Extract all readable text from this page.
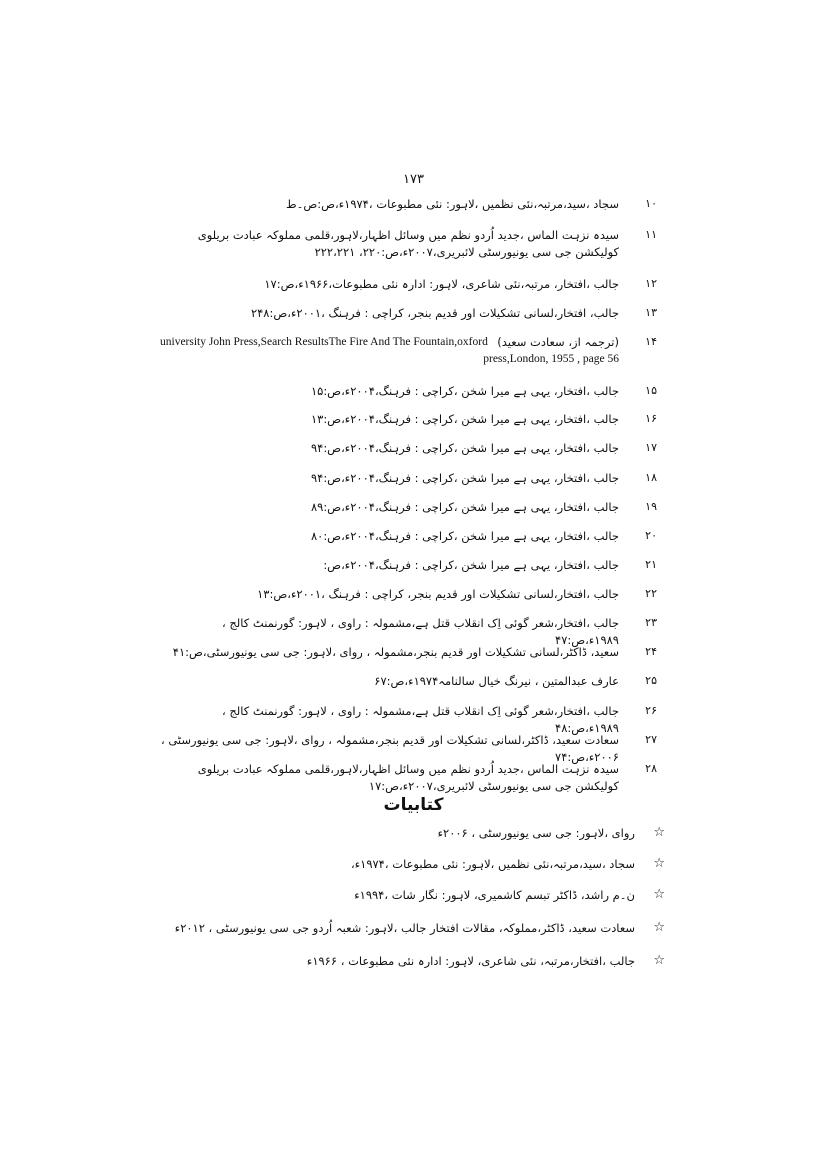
۱۷۳
۱۰
سجاد ،سید،مرتبہ،نئی نظمیں ،لاہور: نئی مطبوعات ،۱۹۷۴ء،ص:ص۔ط
۱۱
سیدہ نزہت الماس ،جدید اُردو نظم میں وسائل اظہار،لاہور،قلمی مملوکہ عبادت بریلوی کولیکشن جی سی یونیورسٹی لائبریری،۲۰۰۷ء،ص:۲۲۰، ۲۲۲،۲۲۱
۱۲
جالب ،افتخار، مرتبہ،نئی شاعری، لاہور: ادارہ نئی مطبوعات،۱۹۶۶ء،ص:۱۷
۱۳
جالب، افتخار،لسانی تشکیلات اور قدیم بنجر، کراچی : فرہنگ ،۲۰۰۱ء،ص:۲۴۸
۱۴
(ترجمہ از، سعادت سعید)
university John Press,Search ResultsThe Fire And The Fountain,oxford
press,London, 1955 , page 56
۱۵
جالب ،افتخار، یہی ہے میرا شخن ،کراچی : فرہنگ،۲۰۰۴ء،ص:۱۵
۱۶
جالب ،افتخار، یہی ہے میرا شخن ،کراچی : فرہنگ،۲۰۰۴ء،ص:۱۳
۱۷
جالب ،افتخار، یہی ہے میرا شخن ،کراچی : فرہنگ،۲۰۰۴ء،ص:۹۴
۱۸
جالب ،افتخار، یہی ہے میرا شخن ،کراچی : فرہنگ،۲۰۰۴ء،ص:۹۴
۱۹
جالب ،افتخار، یہی ہے میرا شخن ،کراچی : فرہنگ،۲۰۰۴ء،ص:۸۹
۲۰
جالب ،افتخار، یہی ہے میرا شخن ،کراچی : فرہنگ،۲۰۰۴ء،ص:۸۰
۲۱
جالب ،افتخار، یہی ہے میرا شخن ،کراچی : فرہنگ،۲۰۰۴ء،ص:
۲۲
جالب ،افتخار،لسانی تشکیلات اور قدیم بنجر، کراچی : فرہنگ ،۲۰۰۱ء،ص:۱۳
۲۳
جالب ،افتخار،شعر گوئی اِک انقلاب قتل ہے،مشمولہ : راوی ، لاہور: گورنمنٹ کالج ، ۱۹۸۹ء،ص:۴۷
۲۴
سعید، ڈاکٹر،لسانی تشکیلات اور قدیم بنجر،مشمولہ ، روای ،لاہور: جی سی یونیورسٹی،ص:۴۱
۲۵
عارف عبدالمتین ، نیرنگ خیال سالنامہ۱۹۷۴ء،ص:۶۷
۲۶
جالب ،افتخار،شعر گوئی اِک انقلاب قتل ہے،مشمولہ : راوی ، لاہور: گورنمنٹ کالج ، ۱۹۸۹ء،ص:۴۸
۲۷
سعادت سعید، ڈاکٹر،لسانی تشکیلات اور قدیم بنجر،مشمولہ ، روای ،لاہور: جی سی یونیورسٹی ، ۲۰۰۶ء،ص:۷۴
۲۸
سیدہ نزہت الماس ،جدید اُردو نظم میں وسائل اظہار،لاہور،قلمی مملوکہ عبادت بریلوی کولیکشن جی سی یونیورسٹی لائبریری،۲۰۰۷ء،ص:۱۷
کتابیات
☆
روای ،لاہور: جی سی یونیورسٹی ، ۲۰۰۶ء
☆
سجاد ،سید،مرتبہ،نئی نظمیں ،لاہور: نئی مطبوعات ،۱۹۷۴ء،
☆
ن۔م راشد، ڈاکٹر تبسم کاشمیری، لاہور: نگار شات ،۱۹۹۴ء
☆
سعادت سعید، ڈاکٹر،مملوکہ، مقالات افتخار جالب ،لاہور: شعبہ اُردو جی سی یونیورسٹی ، ۲۰۱۲ء
☆
جالب ،افتخار،مرتبہ، نئی شاعری، لاہور: ادارہ نئی مطبوعات ، ۱۹۶۶ء
